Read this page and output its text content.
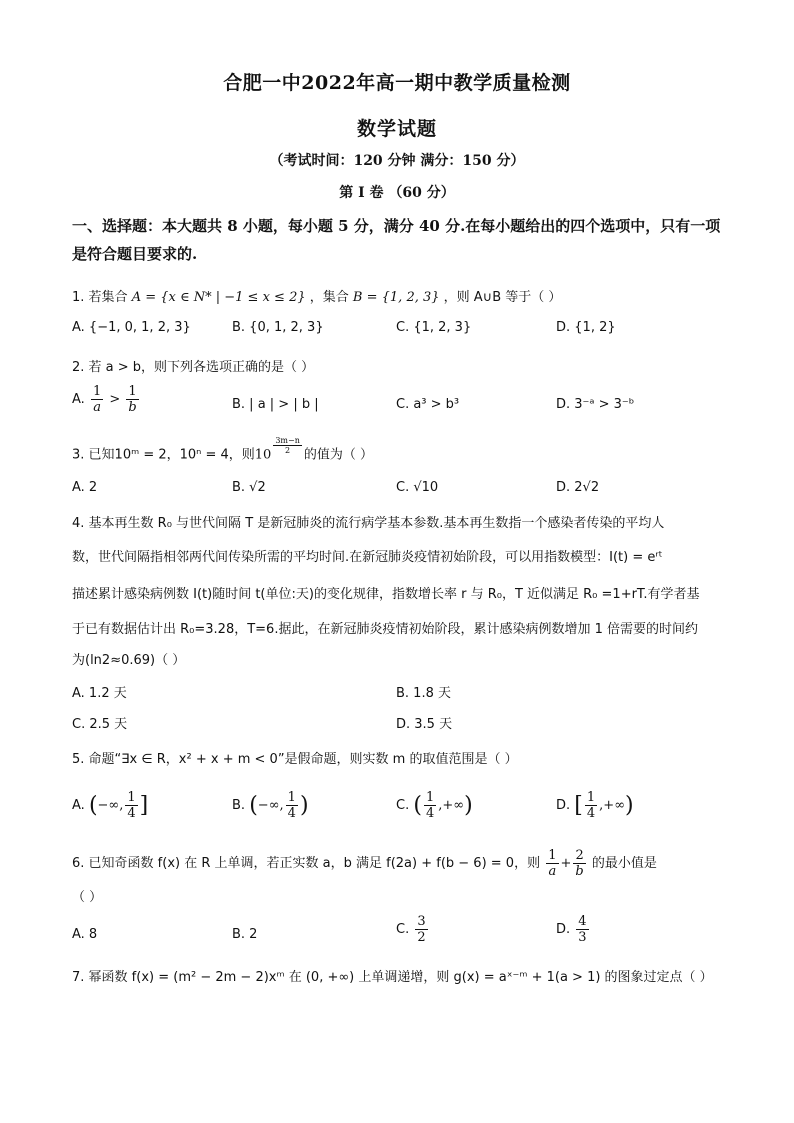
合肥一中2022年高一期中教学质量检测
数学试题
（考试时间：120 分钟 满分：150 分）
第 I 卷 （60 分）
一、选择题：本大题共 8 小题，每小题 5 分，满分 40 分.在每小题给出的四个选项中，只有一项是符合题目要求的.
1. 若集合 A = {x ∈ N* | −1 ≤ x ≤ 2} ，集合 B = {1, 2, 3} ，则 A∪B 等于（ ）
A. {−1, 0, 1, 2, 3}	B. {0, 1, 2, 3}	C. {1, 2, 3}	D. {1, 2}
2. 若 a > b，则下列各选项正确的是（ ）
A. $\frac{1}{a} > \frac{1}{b}$	B. | a | > | b |	C. a³ > b³	D. 3⁻ᵃ > 3⁻ᵇ
3. 已知10ᵐ = 2，10ⁿ = 4，则$10 \frac{3m-n}{2}$ 的值为（ ）
A. 2	B. √2	C. √10	D. 2√2
4. 基本再生数 R₀ 与世代间隔 T 是新冠肺炎的流行病学基本参数.基本再生数指一个感染者传染的平均人
数，世代间隔指相邻两代间传染所需的平均时间.在新冠肺炎疫情初始阶段，可以用指数模型：I(t) = eʳᵗ
描述累计感染病例数 I(t)随时间 t(单位:天)的变化规律，指数增长率 r 与 R₀，T 近似满足 R₀ =1+rT.有学者基
于已有数据估计出 R₀=3.28，T=6.据此，在新冠肺炎疫情初始阶段，累计感染病例数增加 1 倍需要的时间约
为(ln2≈0.69)（ ）
A. 1.2 天	B. 1.8 天
C. 2.5 天	D. 3.5 天
5. 命题“∃x ∈ R，x² + x + m < 0”是假命题，则实数 m 的取值范围是（ ）
A. (−∞, $\frac{1}{4}$ ]	B. (−∞, $\frac{1}{4}$ )	C. ( $\frac{1}{4}$ ,+∞)	D. [ $\frac{1}{4}$ ,+∞)
6. 已知奇函数 f(x) 在 R 上单调，若正实数 a，b 满足 f(2a) + f(b − 6) = 0，则 $\frac{1}{a} + \frac{2}{b}$ 的最小值是
（ ）
A. 8	B. 2	C. $\frac{3}{2}$	D. $\frac{4}{3}$
7. 幂函数 f(x) = (m² − 2m − 2)xᵐ 在 (0, +∞) 上单调递增，则 g(x) = aˣ⁻ᵐ + 1(a > 1) 的图象过定点（ ）
